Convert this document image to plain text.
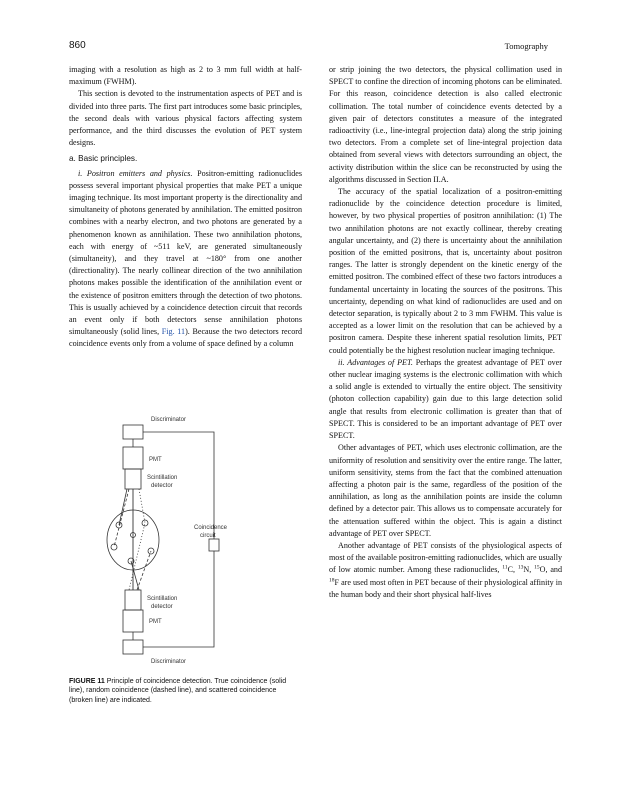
860	Tomography

imaging with a resolution as high as 2 to 3 mm full width at half-maximum (FWHM).

This section is devoted to the instrumentation aspects of PET and is divided into three parts. The first part introduces some basic principles, the second deals with various physical factors affecting system performance, and the third discusses the evolution of PET system designs.

a. Basic principles.

i. Positron emitters and physics. Positron-emitting radionuclides possess several important physical properties that make PET a unique imaging technique. Its most important property is the directionality and simultaneity of photons generated by annihilation. The emitted positron combines with a nearby electron, and two photons are generated by a phenomenon known as annihilation. These two annihilation photons, each with energy of ~511 keV, are generated simultaneously (simultaneity), and they travel at ~180° from one another (directionality). The nearly collinear direction of the two annihilation photons makes possible the identification of the annihilation event or the existence of positron emitters through the detection of two photons. This is usually achieved by a coincidence detection circuit that records an event only if both detectors sense annihilation photons simultaneously (solid lines, Fig. 11). Because the two detectors record coincidence events only from a volume of space defined by a column

or strip joining the two detectors, the physical collimation used in SPECT to confine the direction of incoming photons can be eliminated. For this reason, coincidence detection is also called electronic collimation. The total number of coincidence events detected by a given pair of detectors constitutes a measure of the integrated radioactivity (i.e., line-integral projection data) along the strip joining two detectors. From a complete set of line-integral projection data obtained from several views with detectors surrounding an object, the activity distribution within the slice can be reconstructed by using the algorithms discussed in Section II.A.

The accuracy of the spatial localization of a positron-emitting radionuclide by the coincidence detection procedure is limited, however, by two physical properties of positron annihilation: (1) The two annihilation photons are not exactly collinear, thereby creating angular uncertainty, and (2) there is uncertainty about the annihilation position of the emitted positrons, that is, uncertainty about positron ranges. The latter is strongly dependent on the kinetic energy of the emitted positron. The combined effect of these two factors introduces a fundamental uncertainty in locating the sources of the positrons. This uncertainty, depending on what kind of radionuclides are used and on detector separation, is typically about 2 to 3 mm FWHM. This value is accepted as a lower limit on the resolution that can be achieved by a positron camera. Despite these inherent spatial resolution limits, PET could potentially be the highest resolution nuclear imaging technique.

ii. Advantages of PET. Perhaps the greatest advantage of PET over other nuclear imaging systems is the electronic collimation with which a solid angle is extended to virtually the entire object. The sensitivity (photon collection capability) gain due to this large detection solid angle that results from electronic collimation is greater than that of SPECT. This is considered to be an important advantage of PET over SPECT.

Other advantages of PET, which uses electronic collimation, are the uniformity of resolution and sensitivity over the entire range. The latter, uniform sensitivity, stems from the fact that the combined attenuation affecting a photon pair is the same, regardless of the position of the annihilation, as long as the annihilation points are inside the column defined by a detector pair. This allows us to compensate accurately for the attenuation suffered within the object. This is again a distinct advantage of PET over SPECT.

Another advantage of PET consists of the physiological aspects of most of the available positron-emitting radionuclides, which are usually of low atomic number. Among these radionuclides, $^{11}$C, $^{13}$N, $^{15}$O, and $^{18}$F are used most often in PET because of their physiological affinity in the human body and their short physical half-lives

Discriminator
PMT
Scintillation
detector
Coincidence
circuit
Scintillation
detector
PMT
Discriminator
FIGURE 11 Principle of coincidence detection. True coincidence (solid line), random coincidence (dashed line), and scattered coincidence (broken line) are indicated.
